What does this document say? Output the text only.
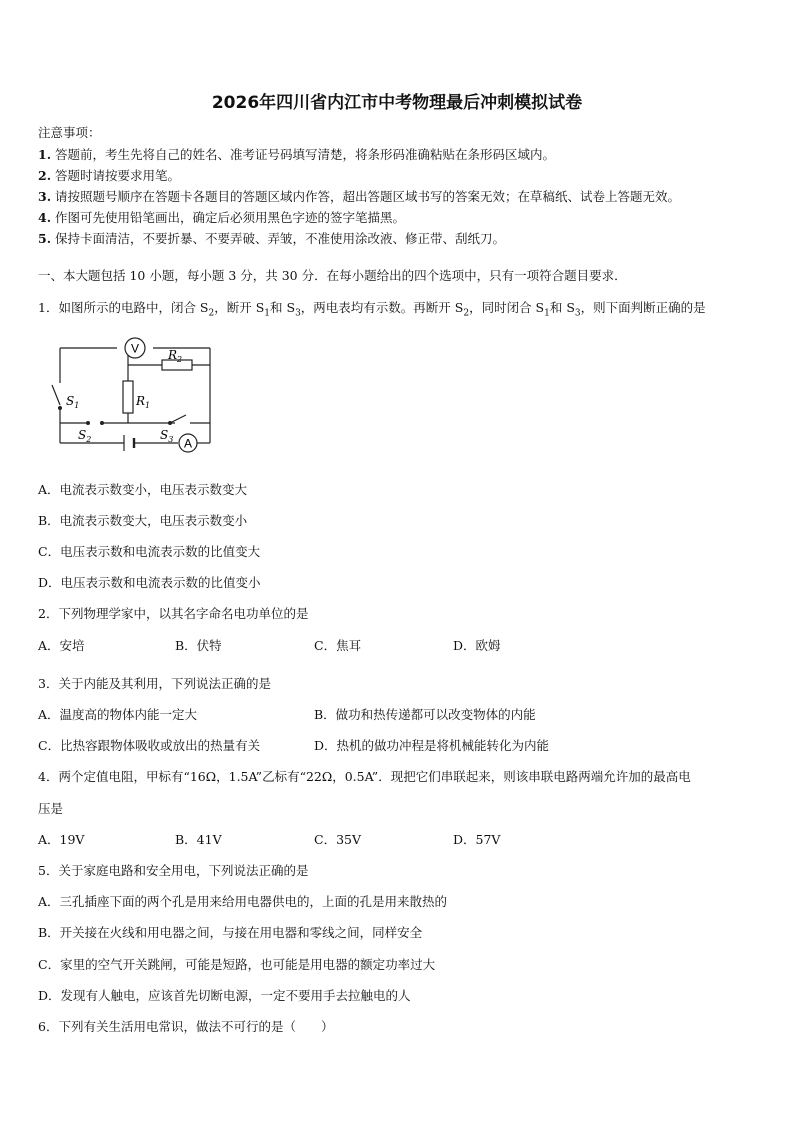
2026年四川省内江市中考物理最后冲刺模拟试卷
注意事项：
1. 答题前，考生先将自己的姓名、准考证号码填写清楚，将条形码准确粘贴在条形码区域内。
2. 答题时请按要求用笔。
3. 请按照题号顺序在答题卡各题目的答题区域内作答，超出答题区域书写的答案无效；在草稿纸、试卷上答题无效。
4. 作图可先使用铅笔画出，确定后必须用黑色字迹的签字笔描黑。
5. 保持卡面清洁，不要折暴、不要弄破、弄皱，不准使用涂改液、修正带、刮纸刀。
一、本大题包括 10 小题，每小题 3 分，共 30 分．在每小题给出的四个选项中，只有一项符合题目要求．
1．如图所示的电路中，闭合 $S_2$，断开 $S_1$和 $S_3$，两电表均有示数。再断开 $S_2$，同时闭合 $S_1$和 $S_3$，则下面判断正确的是
V $R_2$
$R_1$
$S_1$
$S_2$	$S_3$ A
A．电流表示数变小，电压表示数变大
B．电流表示数变大，电压表示数变小
C．电压表示数和电流表示数的比值变大
D．电压表示数和电流表示数的比值变小
2．下列物理学家中，以其名字命名电功单位的是
A．安培	B．伏特	C．焦耳	D．欧姆
3．关于内能及其利用，下列说法正确的是
A．温度高的物体内能一定大	B．做功和热传递都可以改变物体的内能
C．比热容跟物体吸收或放出的热量有关	D．热机的做功冲程是将机械能转化为内能
4．两个定值电阻，甲标有“16Ω，1.5A”乙标有“22Ω，0.5A”．现把它们串联起来，则该串联电路两端允许加的最高电
压是
A．19V	B．41V	C．35V	D．57V
5．关于家庭电路和安全用电，下列说法正确的是
A．三孔插座下面的两个孔是用来给用电器供电的，上面的孔是用来散热的
B．开关接在火线和用电器之间，与接在用电器和零线之间，同样安全
C．家里的空气开关跳闸，可能是短路，也可能是用电器的额定功率过大
D．发现有人触电，应该首先切断电源，一定不要用手去拉触电的人
6．下列有关生活用电常识，做法不可行的是（　　）
